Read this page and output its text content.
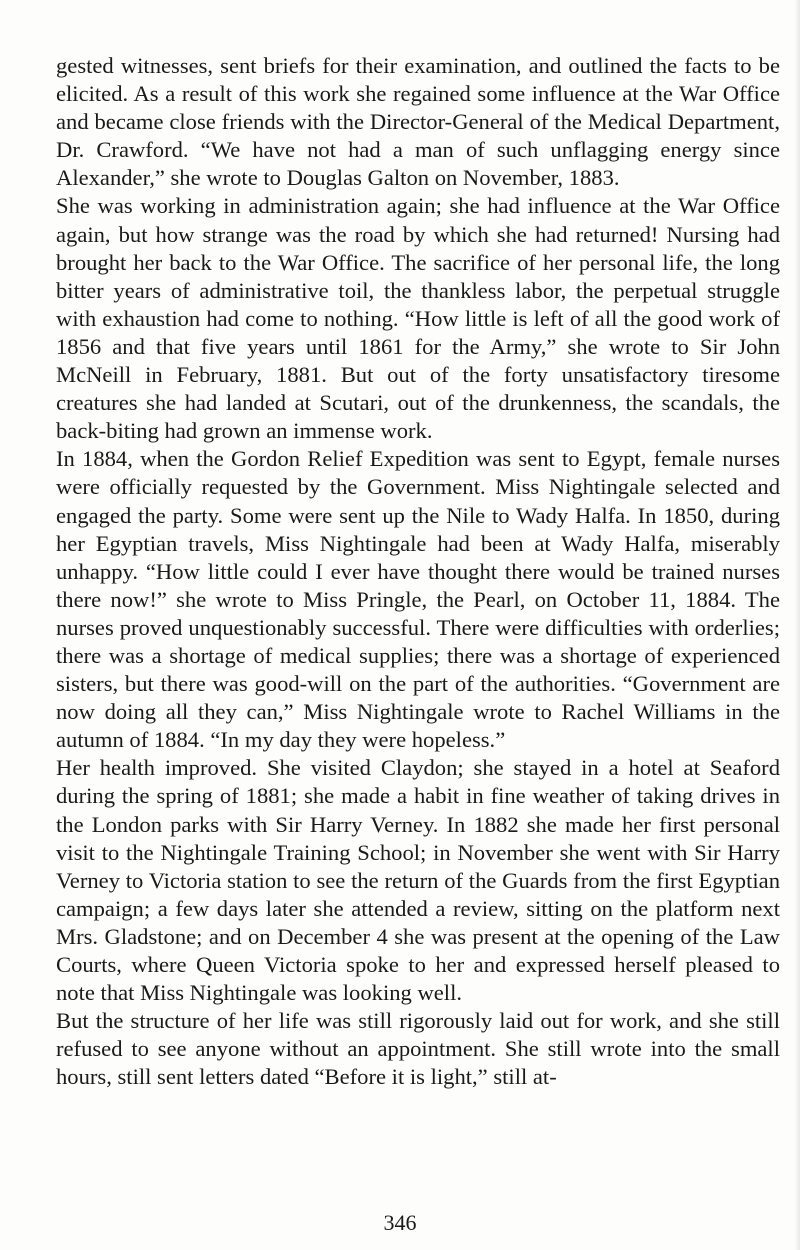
gested witnesses, sent briefs for their examination, and outlined the facts to be elicited. As a result of this work she regained some influence at the War Office and became close friends with the Director-General of the Medical Department, Dr. Crawford. “We have not had a man of such unflagging energy since Alexander,” she wrote to Douglas Galton on November, 1883.

She was working in administration again; she had influence at the War Office again, but how strange was the road by which she had returned! Nursing had brought her back to the War Office. The sacrifice of her personal life, the long bitter years of administrative toil, the thankless labor, the perpetual struggle with exhaustion had come to nothing. “How little is left of all the good work of 1856 and that five years until 1861 for the Army,” she wrote to Sir John McNeill in February, 1881. But out of the forty unsatisfactory tiresome creatures she had landed at Scutari, out of the drunkenness, the scandals, the back-biting had grown an immense work.

In 1884, when the Gordon Relief Expedition was sent to Egypt, female nurses were officially requested by the Government. Miss Nightingale selected and engaged the party. Some were sent up the Nile to Wady Halfa. In 1850, during her Egyptian travels, Miss Nightingale had been at Wady Halfa, miserably unhappy. “How little could I ever have thought there would be trained nurses there now!” she wrote to Miss Pringle, the Pearl, on October 11, 1884. The nurses proved unquestionably successful. There were difficulties with orderlies; there was a shortage of medical supplies; there was a shortage of experienced sisters, but there was good-will on the part of the authorities. “Government are now doing all they can,” Miss Nightingale wrote to Rachel Williams in the autumn of 1884. “In my day they were hopeless.”

Her health improved. She visited Claydon; she stayed in a hotel at Seaford during the spring of 1881; she made a habit in fine weather of taking drives in the London parks with Sir Harry Verney. In 1882 she made her first personal visit to the Nightingale Training School; in November she went with Sir Harry Verney to Victoria station to see the return of the Guards from the first Egyptian campaign; a few days later she attended a review, sitting on the platform next Mrs. Gladstone; and on December 4 she was present at the opening of the Law Courts, where Queen Victoria spoke to her and expressed herself pleased to note that Miss Nightingale was looking well.

But the structure of her life was still rigorously laid out for work, and she still refused to see anyone without an appointment. She still wrote into the small hours, still sent letters dated “Before it is light,” still at-

346
